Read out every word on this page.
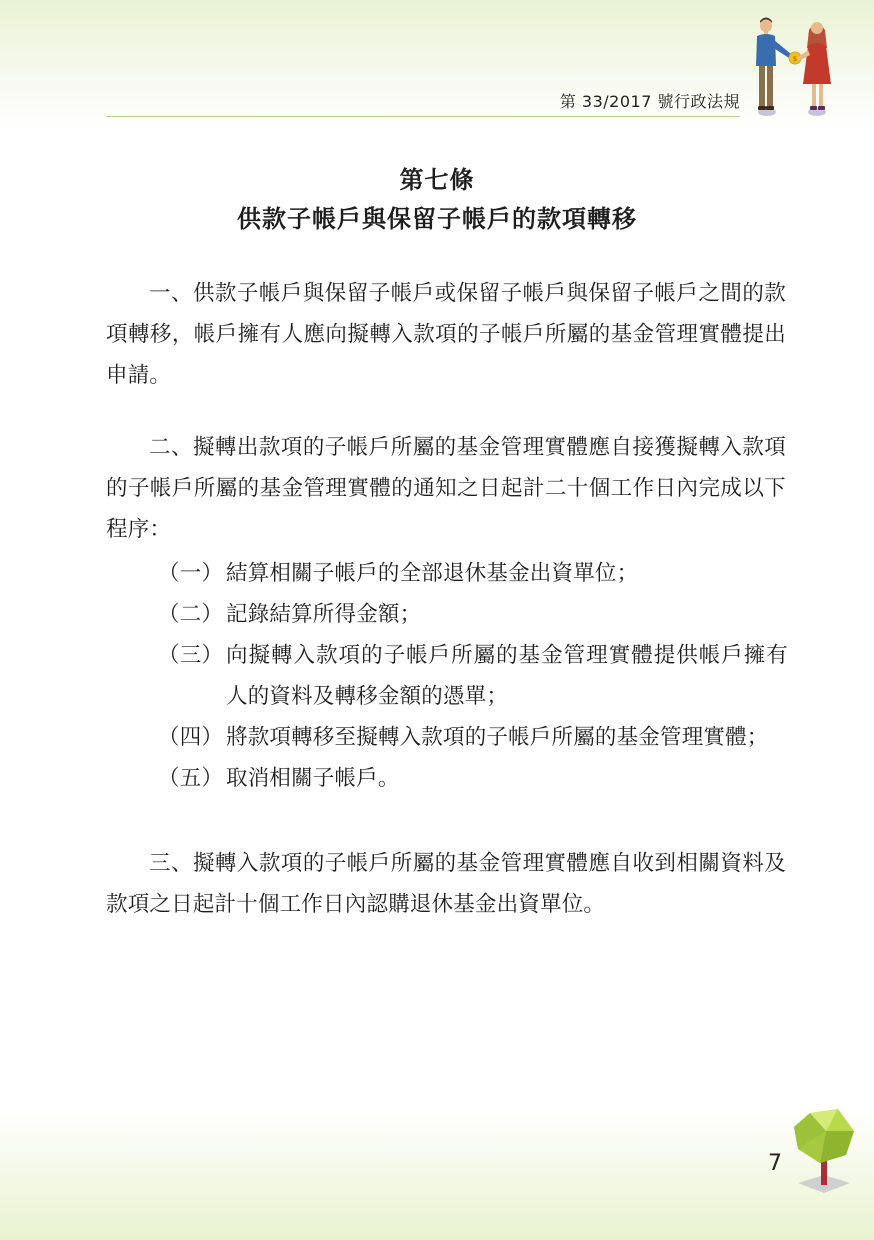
第 33/2017 號行政法規
$
第七條
供款子帳戶與保留子帳戶的款項轉移

一、供款子帳戶與保留子帳戶或保留子帳戶與保留子帳戶之間的款項轉移，帳戶擁有人應向擬轉入款項的子帳戶所屬的基金管理實體提出申請。

二、擬轉出款項的子帳戶所屬的基金管理實體應自接獲擬轉入款項的子帳戶所屬的基金管理實體的通知之日起計二十個工作日內完成以下程序：

（一） 結算相關子帳戶的全部退休基金出資單位；
（二） 記錄結算所得金額；
（三） 向擬轉入款項的子帳戶所屬的基金管理實體提供帳戶擁有人的資料及轉移金額的憑單；
（四） 將款項轉移至擬轉入款項的子帳戶所屬的基金管理實體；
（五） 取消相關子帳戶。

三、擬轉入款項的子帳戶所屬的基金管理實體應自收到相關資料及款項之日起計十個工作日內認購退休基金出資單位。

7
